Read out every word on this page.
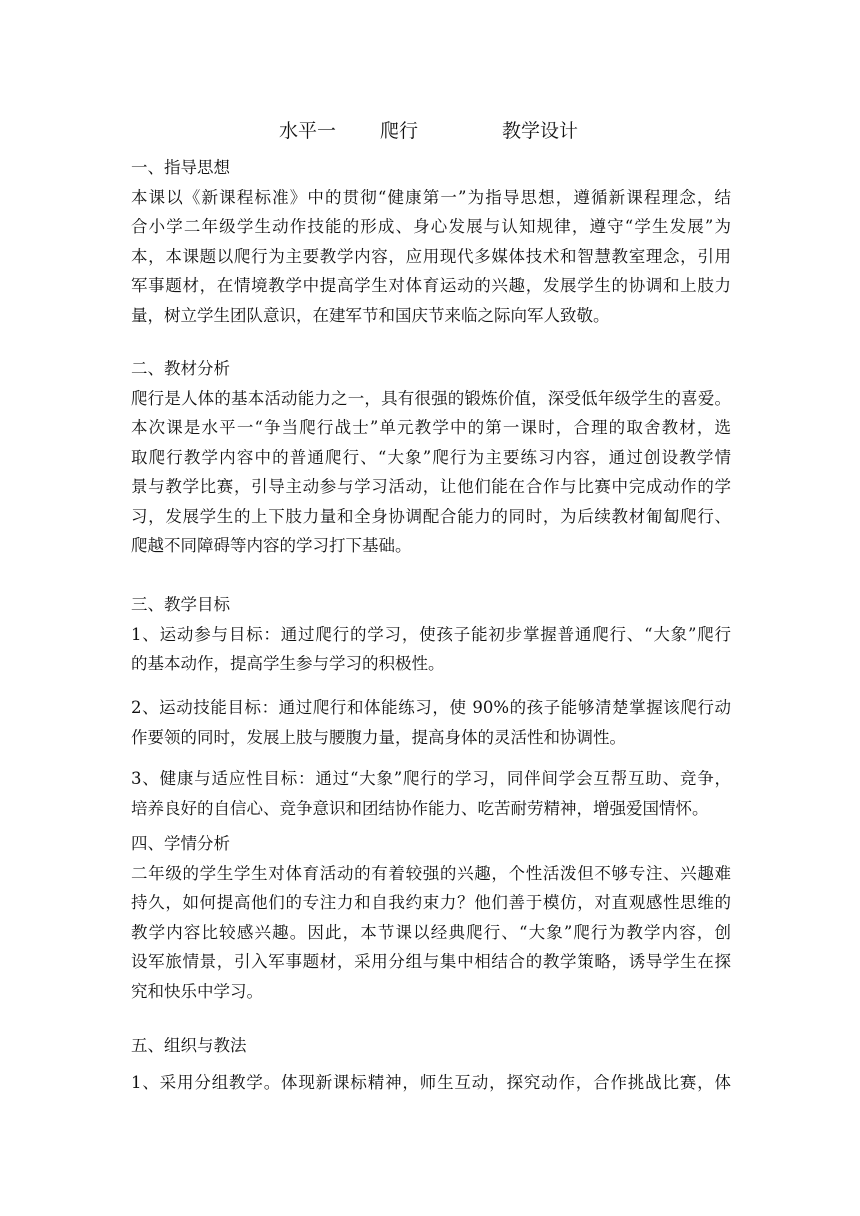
水平一 爬行	教学设计
一、指导思想
本课以《新课程标准》中的贯彻“健康第一”为指导思想，遵循新课程理念，结
合小学二年级学生动作技能的形成、身心发展与认知规律，遵守“学生发展”为
本，本课题以爬行为主要教学内容，应用现代多媒体技术和智慧教室理念，引用
军事题材，在情境教学中提高学生对体育运动的兴趣，发展学生的协调和上肢力
量，树立学生团队意识，在建军节和国庆节来临之际向军人致敬。
二、教材分析
爬行是人体的基本活动能力之一，具有很强的锻炼价值，深受低年级学生的喜爱。
本次课是水平一“争当爬行战士”单元教学中的第一课时，合理的取舍教材，选
取爬行教学内容中的普通爬行、“大象”爬行为主要练习内容，通过创设教学情
景与教学比赛，引导主动参与学习活动，让他们能在合作与比赛中完成动作的学
习，发展学生的上下肢力量和全身协调配合能力的同时，为后续教材匍匐爬行、
爬越不同障碍等内容的学习打下基础。
三、教学目标
1、运动参与目标：通过爬行的学习，使孩子能初步掌握普通爬行、“大象”爬行
的基本动作，提高学生参与学习的积极性。
2、运动技能目标：通过爬行和体能练习，使 90%的孩子能够清楚掌握该爬行动
作要领的同时，发展上肢与腰腹力量，提高身体的灵活性和协调性。
3、健康与适应性目标：通过“大象”爬行的学习，同伴间学会互帮互助、竞争，
培养良好的自信心、竞争意识和团结协作能力、吃苦耐劳精神，增强爱国情怀。
四、学情分析
二年级的学生学生对体育活动的有着较强的兴趣，个性活泼但不够专注、兴趣难
持久，如何提高他们的专注力和自我约束力？他们善于模仿，对直观感性思维的
教学内容比较感兴趣。因此，本节课以经典爬行、“大象”爬行为教学内容，创
设军旅情景，引入军事题材，采用分组与集中相结合的教学策略，诱导学生在探
究和快乐中学习。
五、组织与教法
1、采用分组教学。体现新课标精神，师生互动，探究动作，合作挑战比赛，体
